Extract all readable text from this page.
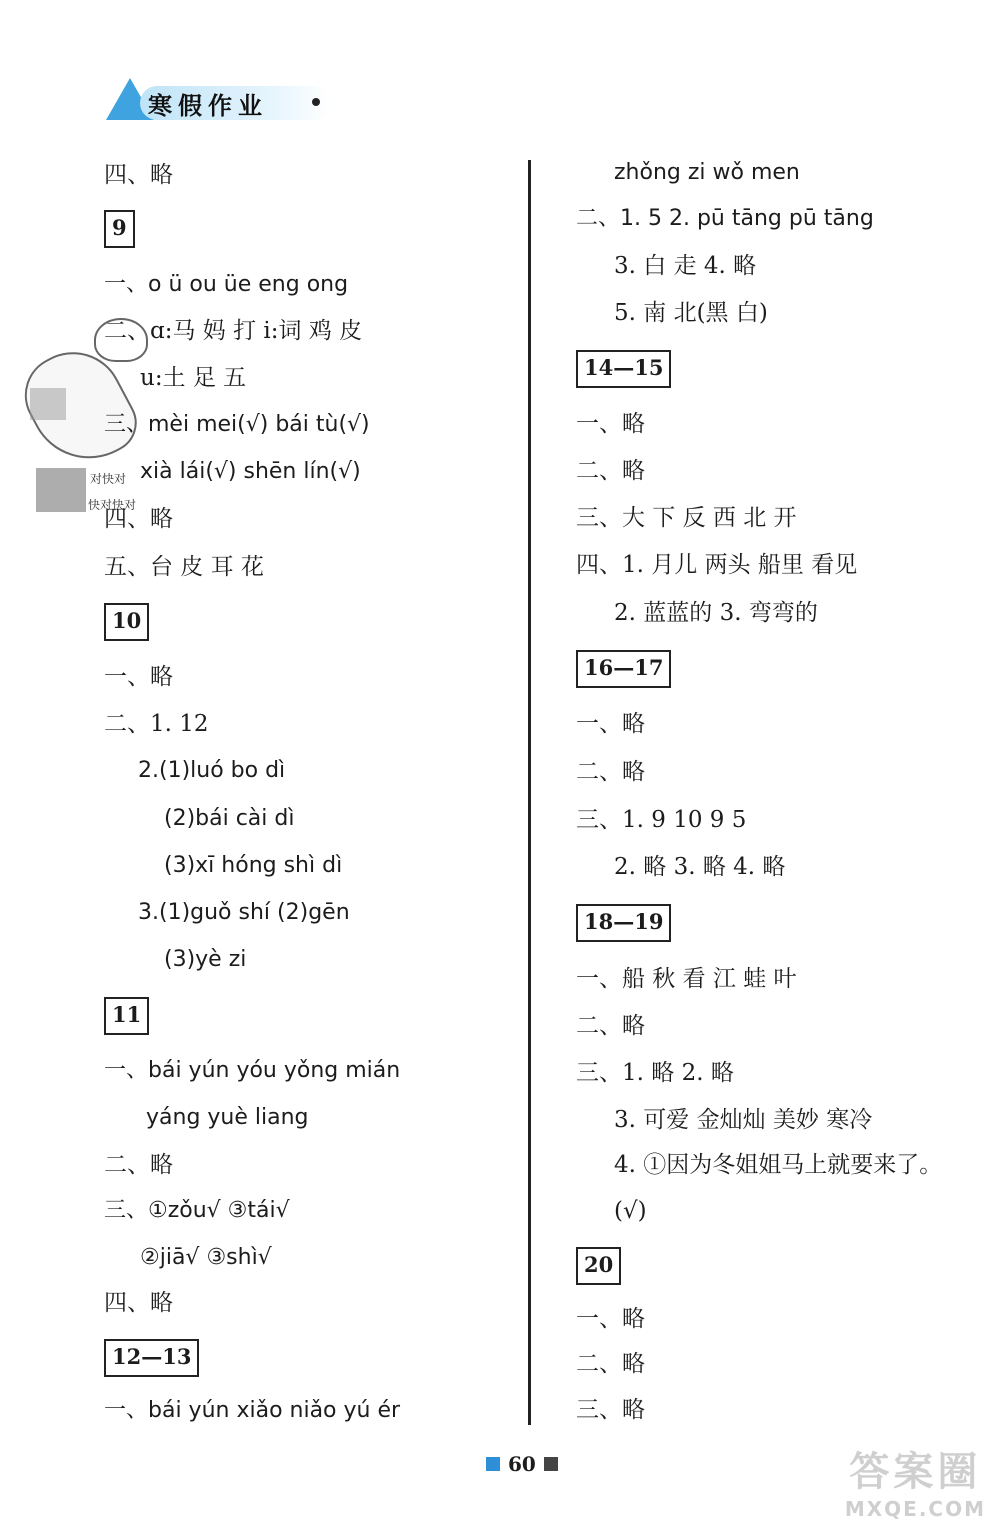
寒假作业
对快对
快对快对
四、略
9
一、o ü ou üe eng ong
二、ɑ:马 妈 打 i:词 鸡 皮
u:土 足 五
三、mèi mei(√) bái tù(√)
xià lái(√) shēn lín(√)
四、略
五、台 皮 耳 花
10
一、略
二、1. 12
2.(1)luó bo dì
(2)bái cài dì
(3)xī hóng shì dì
3.(1)guǒ shí (2)gēn
(3)yè zi
11
一、bái yún yóu yǒng mián
yáng yuè liang
二、略
三、①zǒu√ ③tái√
②jiā√ ③shì√
四、略
12—13
一、bái yún xiǎo niǎo yú ér
zhǒng zi wǒ men
二、1. 5 2. pū tāng pū tāng
3. 白 走 4. 略
5. 南 北(黑 白)
14—15
一、略
二、略
三、大 下 反 西 北 开
四、1. 月儿 两头 船里 看见
2. 蓝蓝的 3. 弯弯的
16—17
一、略
二、略
三、1. 9 10 9 5
2. 略 3. 略 4. 略
18—19
一、船 秋 看 江 蛙 叶
二、略
三、1. 略 2. 略
3. 可爱 金灿灿 美妙 寒冷
4. ①因为冬姐姐马上就要来了。
(√)
20
一、略
二、略
三、略
60	答案圈
MXQE.COM
